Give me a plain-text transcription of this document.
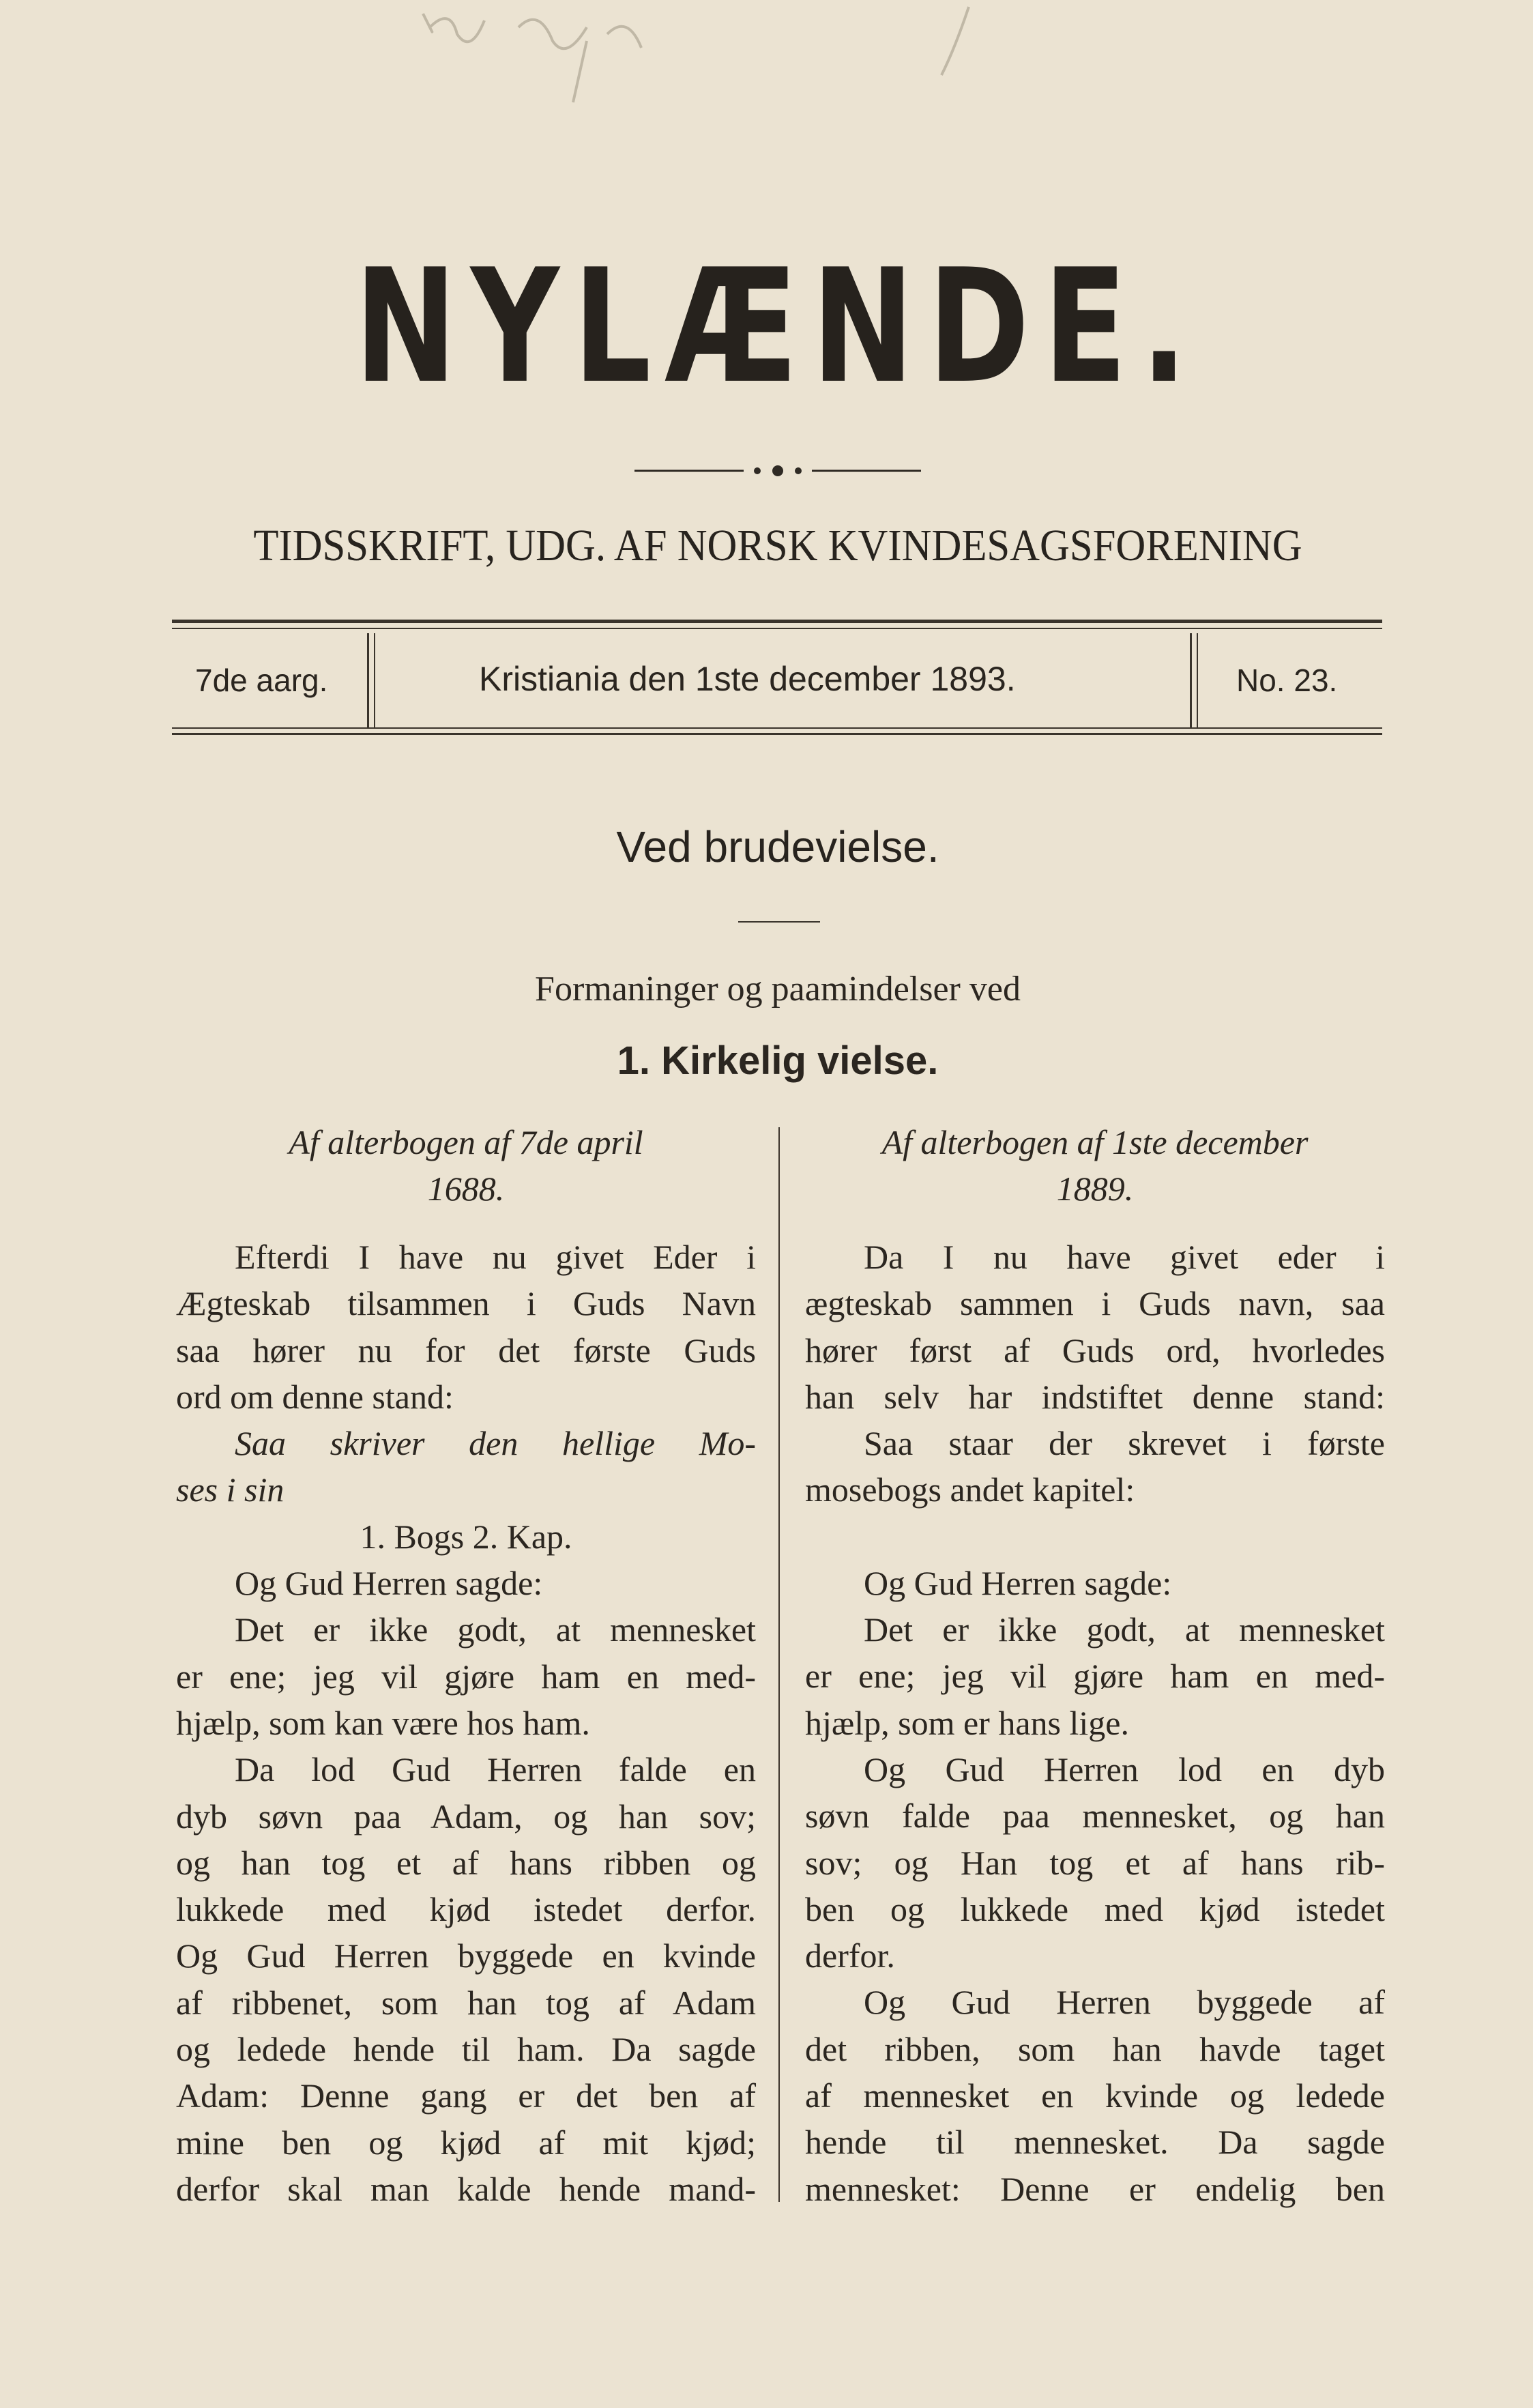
NYLÆNDE.
TIDSSKRIFT, UDG. AF NORSK KVINDESAGSFORENING
7de aarg.	Kristiania den 1ste december 1893.	No. 23.
Ved brudevielse.
Formaninger og paamindelser ved
1. Kirkelig vielse.
Af alterbogen af 7de april
1688.

Efterdi I have nu givet Eder i

Ægteskab tilsammen i Guds Navn

saa hører nu for det første Guds

ord om denne stand:

Saa skriver den hellige Mo-

ses i sin

1. Bogs 2. Kap.

Og Gud Herren sagde:

Det er ikke godt, at mennesket

er ene; jeg vil gjøre ham en med-

hjælp, som kan være hos ham.

Da lod Gud Herren falde en

dyb søvn paa Adam, og han sov;

og han tog et af hans ribben og

lukkede med kjød istedet derfor.

Og Gud Herren byggede en kvinde

af ribbenet, som han tog af Adam

og ledede hende til ham. Da sagde

Adam: Denne gang er det ben af

mine ben og kjød af mit kjød;

derfor skal man kalde hende mand-

Af alterbogen af 1ste december
1889.

Da I nu have givet eder i

ægteskab sammen i Guds navn, saa

hører først af Guds ord, hvorledes

han selv har indstiftet denne stand:

Saa staar der skrevet i første

mosebogs andet kapitel:

Og Gud Herren sagde:

Det er ikke godt, at mennesket

er ene; jeg vil gjøre ham en med-

hjælp, som er hans lige.

Og Gud Herren lod en dyb

søvn falde paa mennesket, og han

sov; og Han tog et af hans rib-

ben og lukkede med kjød istedet

derfor.

Og Gud Herren byggede af

det ribben, som han havde taget

af mennesket en kvinde og ledede

hende til mennesket. Da sagde

mennesket: Denne er endelig ben
